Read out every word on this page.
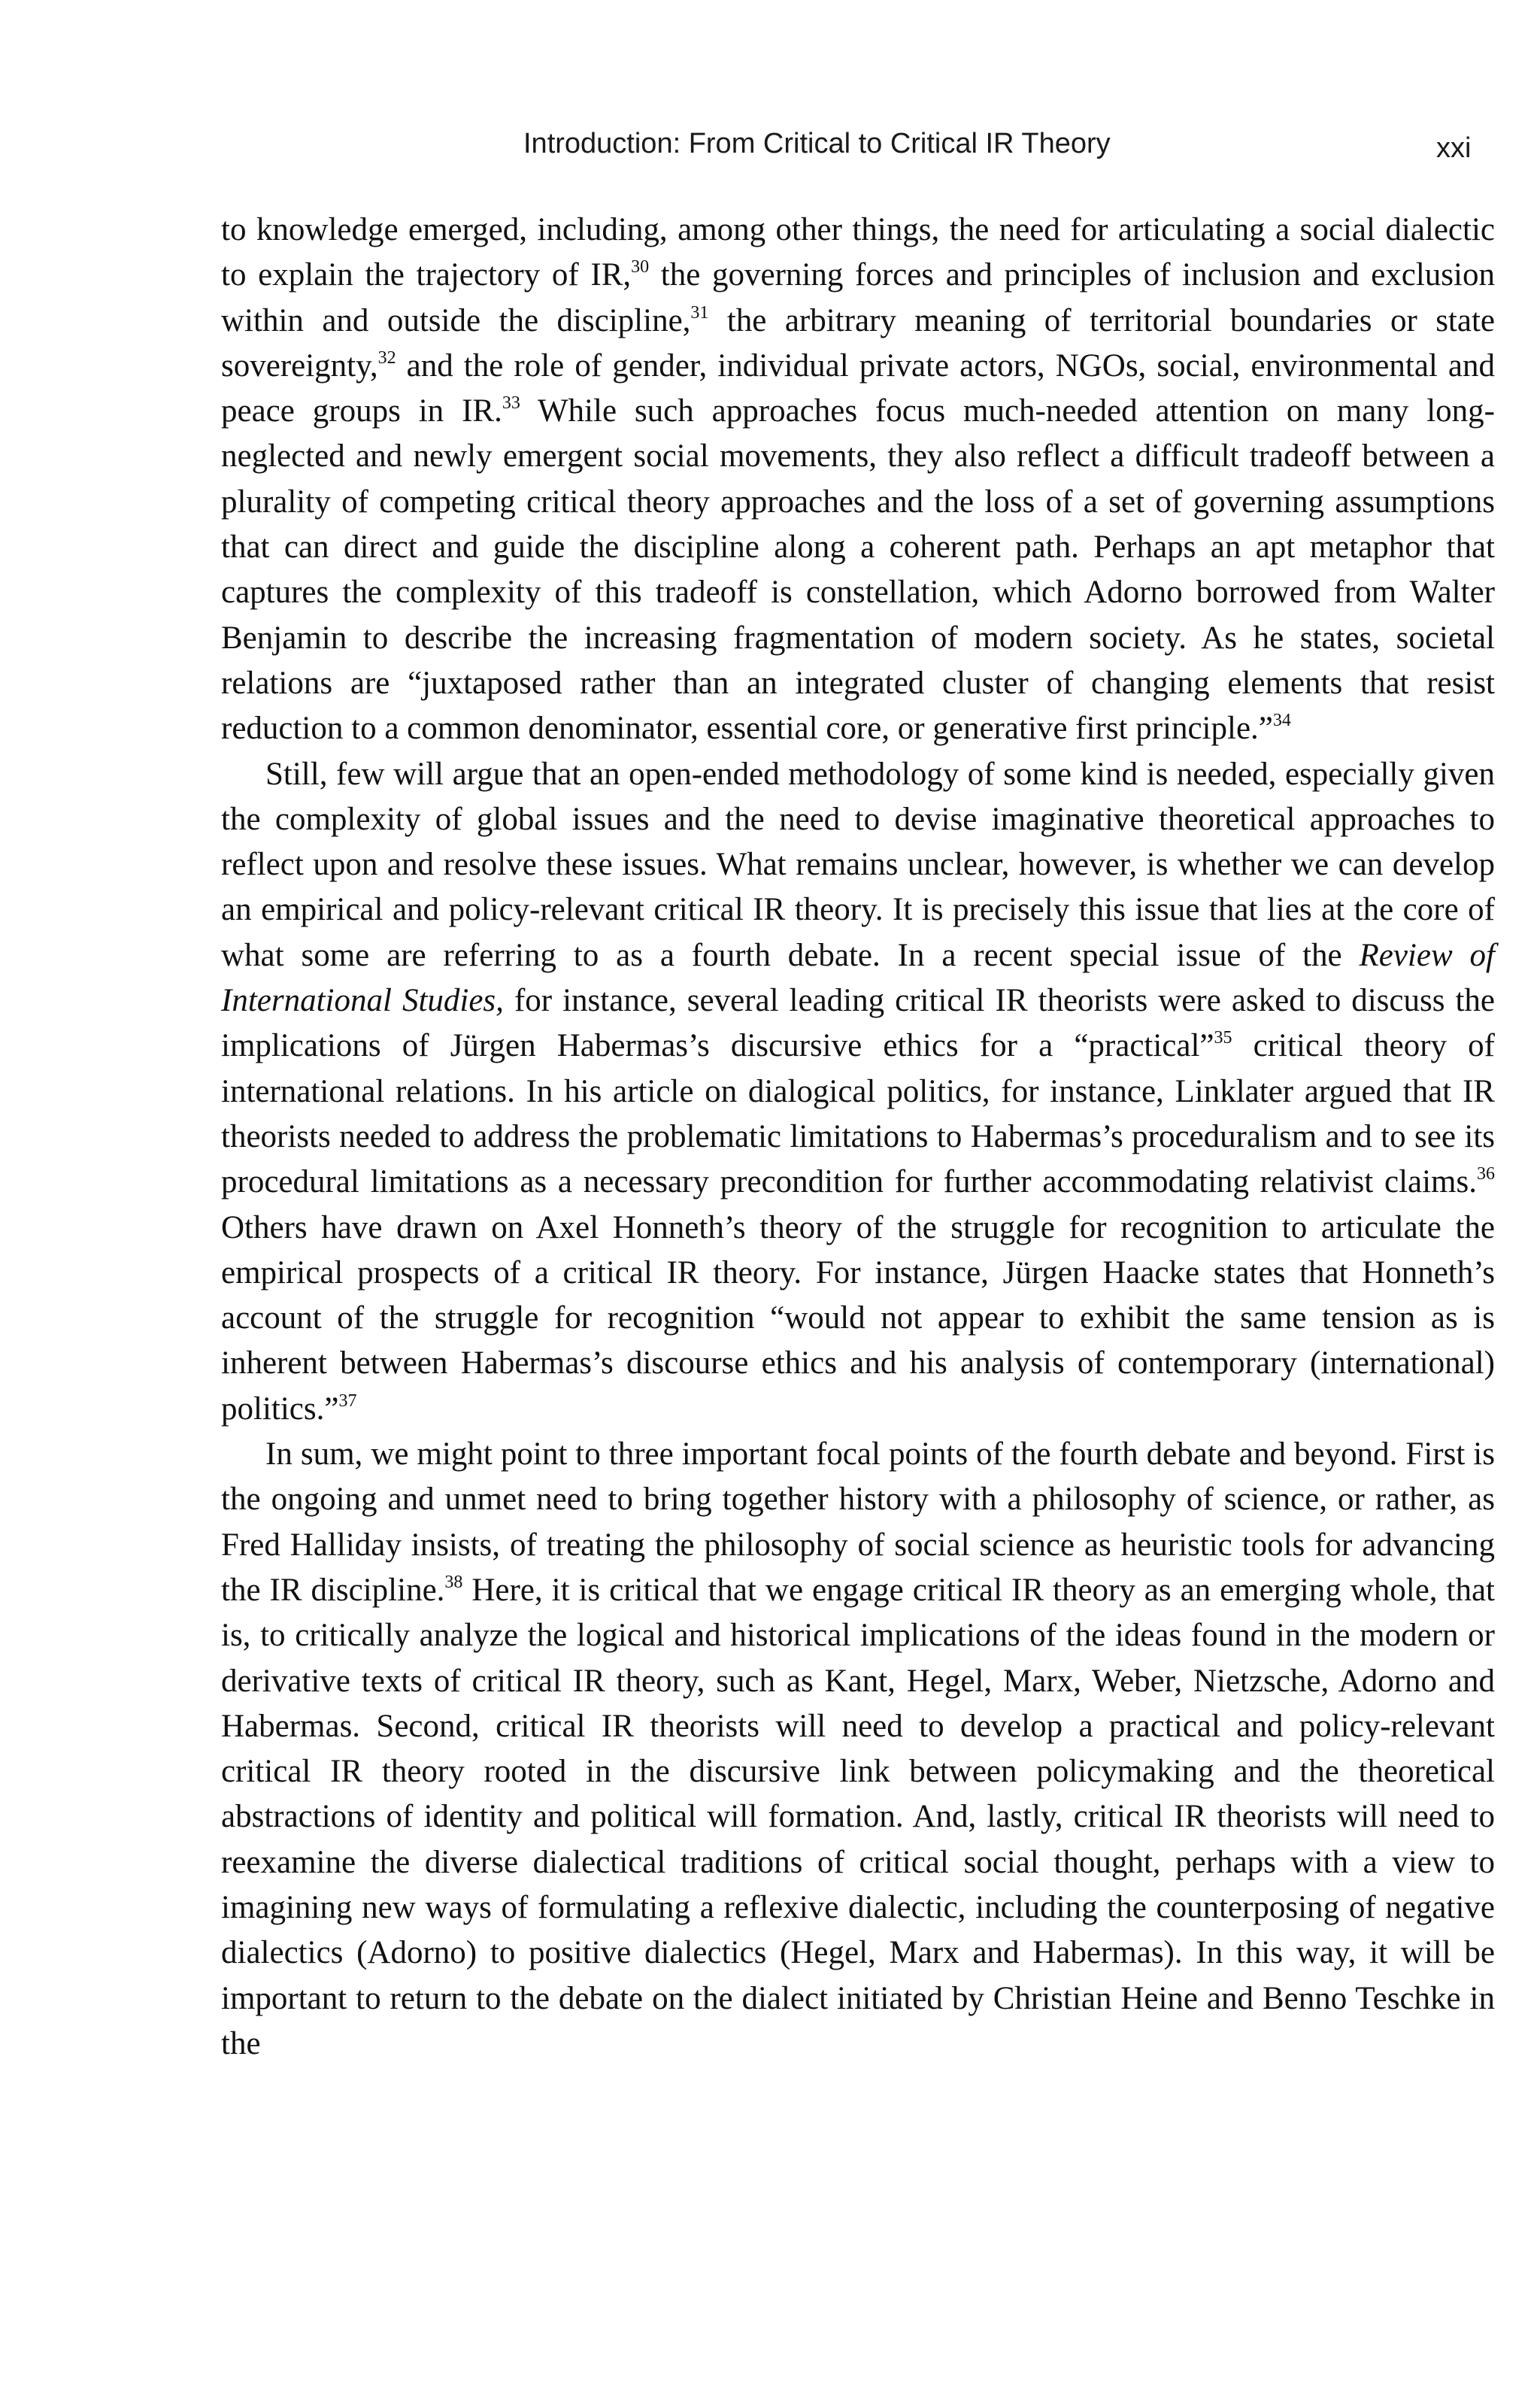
Introduction: From Critical to Critical IR Theory	xxi

to knowledge emerged, including, among other things, the need for articulating a social dialectic to explain the trajectory of IR,$^{30}$ the governing forces and principles of inclusion and exclusion within and outside the discipline,$^{31}$ the arbitrary meaning of territorial boundaries or state sovereignty,$^{32}$ and the role of gender, individual private actors, NGOs, social, environmental and peace groups in IR.$^{33}$ While such approaches focus much-needed attention on many long-neglected and newly emergent social movements, they also reflect a difficult tradeoff between a plurality of competing critical theory approaches and the loss of a set of governing assumptions that can direct and guide the discipline along a coherent path. Perhaps an apt metaphor that captures the complexity of this tradeoff is constellation, which Adorno borrowed from Walter Benjamin to describe the increasing fragmentation of modern society. As he states, societal relations are “juxtaposed rather than an integrated cluster of changing elements that resist reduction to a common denominator, essential core, or generative first principle.”$^{34}$

Still, few will argue that an open-ended methodology of some kind is needed, especially given the complexity of global issues and the need to devise imaginative theoretical approaches to reflect upon and resolve these issues. What remains unclear, however, is whether we can develop an empirical and policy-relevant critical IR theory. It is precisely this issue that lies at the core of what some are referring to as a fourth debate. In a recent special issue of the Review of International Studies, for instance, several leading critical IR theorists were asked to discuss the implications of Jürgen Habermas’s discursive ethics for a “practical”$^{35}$ critical theory of international relations. In his article on dialogical politics, for instance, Linklater argued that IR theorists needed to address the problematic limitations to Habermas’s proceduralism and to see its procedural limitations as a necessary precondition for further accommodating relativist claims.$^{36}$ Others have drawn on Axel Honneth’s theory of the struggle for recognition to articulate the empirical prospects of a critical IR theory. For instance, Jürgen Haacke states that Honneth’s account of the struggle for recognition “would not appear to exhibit the same tension as is inherent between Habermas’s discourse ethics and his analysis of contemporary (international) politics.”$^{37}$

In sum, we might point to three important focal points of the fourth debate and beyond. First is the ongoing and unmet need to bring together history with a philosophy of science, or rather, as Fred Halliday insists, of treating the philosophy of social science as heuristic tools for advancing the IR discipline.$^{38}$ Here, it is critical that we engage critical IR theory as an emerging whole, that is, to critically analyze the logical and historical implications of the ideas found in the modern or derivative texts of critical IR theory, such as Kant, Hegel, Marx, Weber, Nietzsche, Adorno and Habermas. Second, critical IR theorists will need to develop a practical and policy-relevant critical IR theory rooted in the discursive link between policymaking and the theoretical abstractions of identity and political will formation. And, lastly, critical IR theorists will need to reexamine the diverse dialectical traditions of critical social thought, perhaps with a view to imagining new ways of formulating a reflexive dialectic, including the counterposing of negative dialectics (Adorno) to positive dialectics (Hegel, Marx and Habermas). In this way, it will be important to return to the debate on the dialect initiated by Christian Heine and Benno Teschke in the
